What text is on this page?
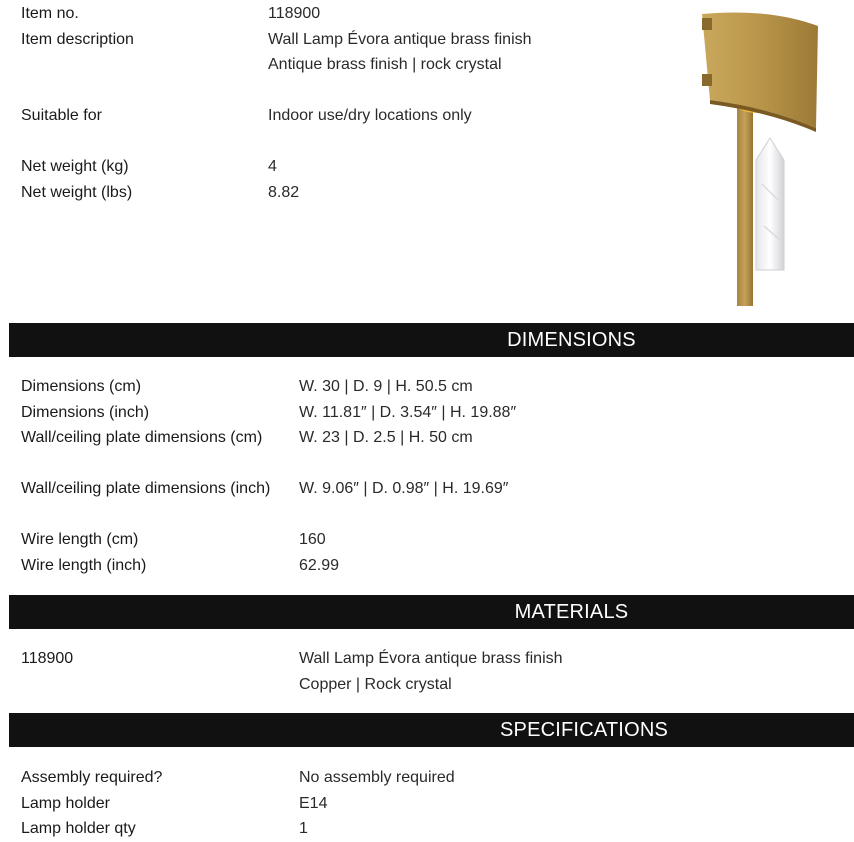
Item no.	118900
Item description	Wall Lamp Évora antique brass finish
Antique brass finish | rock crystal
Suitable for	Indoor use/dry locations only
Net weight (kg)	4
Net weight (lbs)	8.82
DIMENSIONS
Dimensions (cm)	W. 30 | D. 9 | H. 50.5 cm
Dimensions (inch)	W. 11.81″ | D. 3.54″ | H. 19.88″
Wall/ceiling plate dimensions (cm)	W. 23 | D. 2.5 | H. 50 cm
Wall/ceiling plate dimensions (inch) W. 9.06″ | D. 0.98″ | H. 19.69″
Wire length (cm)	160
Wire length (inch)	62.99
MATERIALS
118900	Wall Lamp Évora antique brass finish
Copper | Rock crystal
SPECIFICATIONS
Assembly required?	No assembly required
Lamp holder	E14
Lamp holder qty	1
